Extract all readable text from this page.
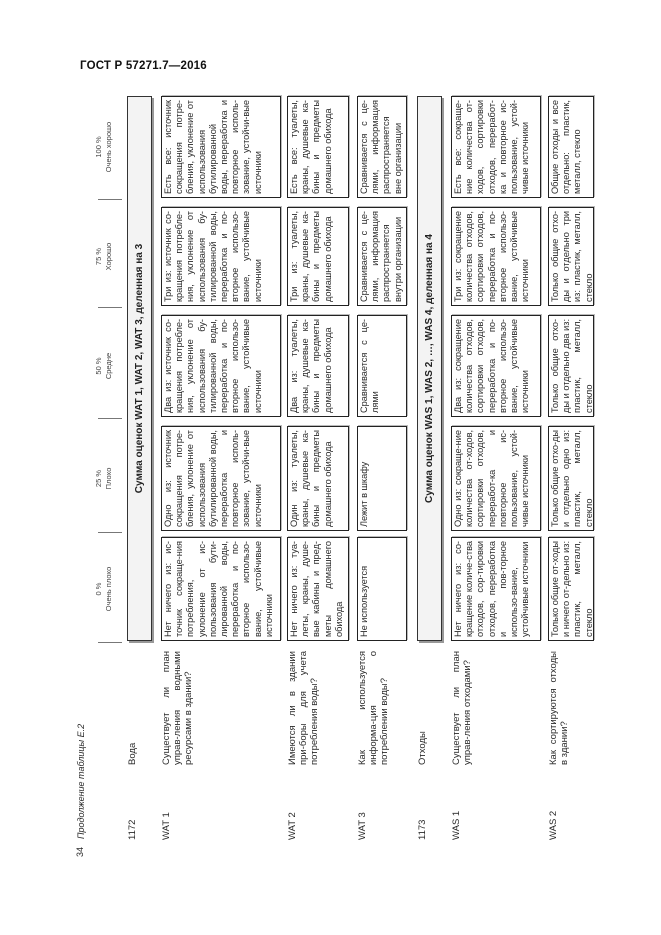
ГОСТ Р 57271.7—2016
34
Продолжение таблицы Е.2
0 % Очень плохо
25 % Плохо
50 % Средне
75 % Хорошо
100 % Очень хорошо
1172
Вода
Сумма оценок WAT 1, WAT 2, WAT 3, деленная на 3
WAT 1
Существует ли план управ-ления водными ресурсами в здании?
Нет ничего из: ис-точник сокраще-ния потребления, уклонение от ис-пользования бути-лированной воды, переработка и по-вторное использо-вание, устойчивые источники
Одно из: источник сокращения потре-бления, уклонение от использования бутилированной воды, переработка и повторное исполь-зование, устойчи-вые источники
Два из: источник со-кращения потребле-ния, уклонение от использования бу-тилированной воды, переработка и по-вторное использо-вание, устойчивые источники
Три из: источник со-кращения потребле-ния, уклонение от использования бу-тилированной воды, переработка и по-вторное использо-вание, устойчивые источники
Есть все: источник сокращения потре-бления, уклонение от использования бутилированной воды, переработка и повторное исполь-зование, устойчи-вые источники
WAT 2
Имеются ли в здании при-боры для учета потребления воды?
Нет ничего из: туа-леты, краны, душе-вые кабины и пред-меты домашнего обихода
Один из: туалеты, краны, душевые ка-бины и предметы домашнего обихода
Два из: туалеты, краны, душевые ка-бины и предметы домашнего обихода
Три из: туалеты, краны, душевые ка-бины и предметы домашнего обихода
Есть все: туалеты, краны, душевые ка-бины и предметы домашнего обихода
WAT 3
Как используется информа-ция о потреблении воды?
Не используется
Лежит в шкафу
Сравнивается с це-лями
Сравнивается с це-лями, информация распространяется внутри организации
Сравнивается с це-лями, информация распространяется вне организации
1173
Отходы
Сумма оценок WAS 1, WAS 2, …, WAS 4, деленная на 4
WAS 1
Существует ли план управ-ления отходами?
Нет ничего из: со-кращение количе-ства отходов, сор-тировки отходов, переработка и пов-торное использо-вание, устойчивые источники
Одно из: сокраще-ние количества от-ходов, сортировки отходов, переработ-ка и повторное ис-пользование, устой-чивые источники
Два из: сокращение количества отходов, сортировки отходов, переработка и по-вторное использо-вание, устойчивые источники
Три из: сокращение количества отходов, сортировки отходов, переработка и по-вторное использо-вание, устойчивые источники
Есть все: сокраще-ние количества от-ходов, сортировки отходов, переработ-ка и повторное ис-пользование, устой-чивые источники
WAS 2
Как сортируются отходы в здании?
Только общие от-ходы и ничего от-дельно из: пластик, металл, стекло
Только общие отхо-ды и отдельно одно из: пластик, металл, стекло
Только общие отхо-ды и отдельно два из: пластик, металл, стекло
Только общие отхо-ды и отдельно три из: пластик, металл, стекло
Общие отходы и все отдельно: пластик, металл, стекло
